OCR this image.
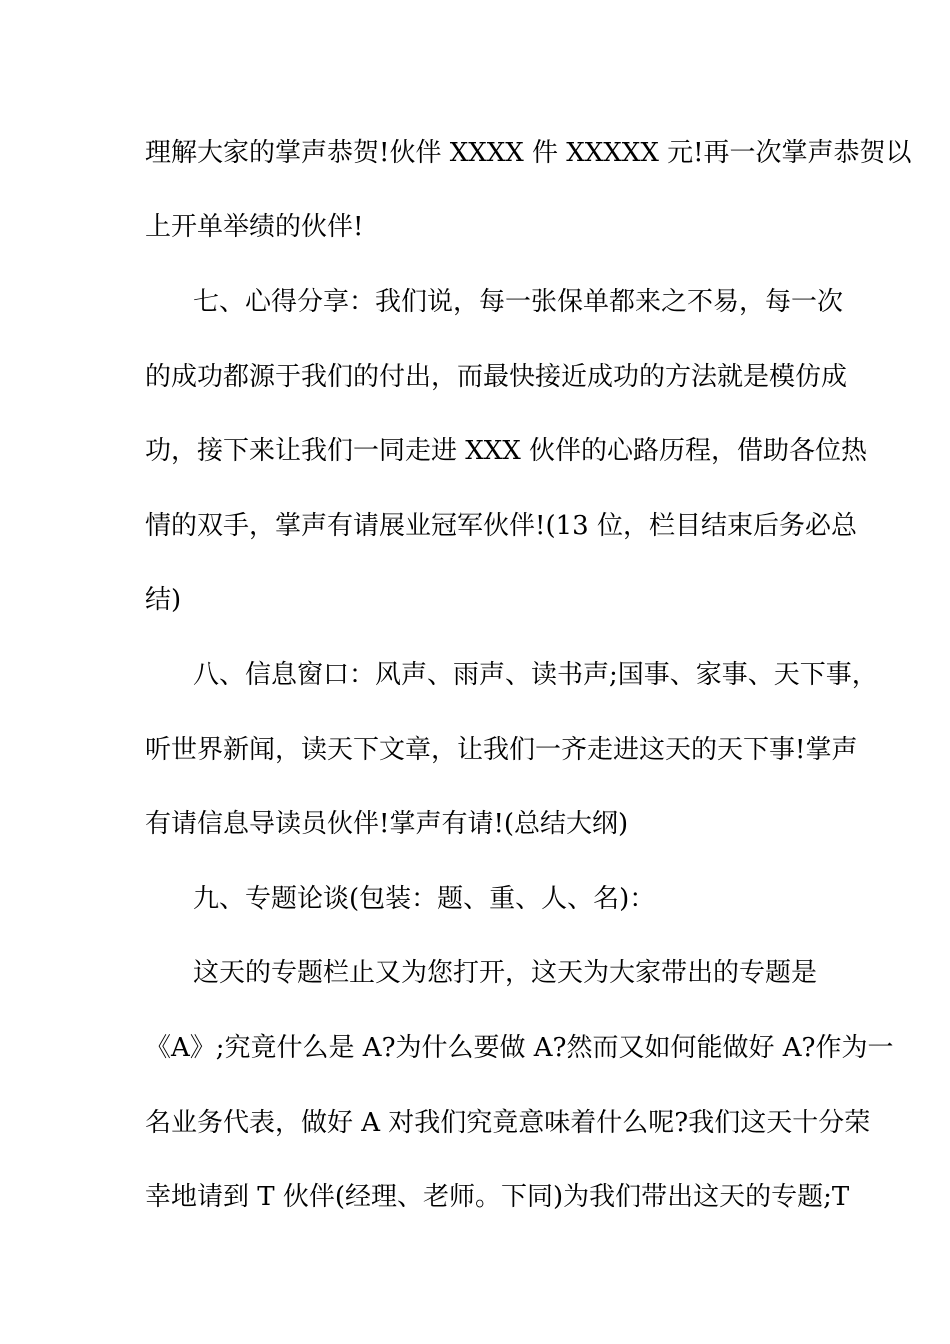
理解大家的掌声恭贺!伙伴 XXXX 件 XXXXX 元!再一次掌声恭贺以
上开单举绩的伙伴!
七、心得分享：我们说，每一张保单都来之不易，每一次
的成功都源于我们的付出，而最快接近成功的方法就是模仿成
功，接下来让我们一同走进 XXX 伙伴的心路历程，借助各位热
情的双手，掌声有请展业冠军伙伴!(13 位，栏目结束后务必总
结)
八、信息窗口：风声、雨声、读书声;国事、家事、天下事，
听世界新闻，读天下文章，让我们一齐走进这天的天下事!掌声
有请信息导读员伙伴!掌声有请!(总结大纲)
九、专题论谈(包装：题、重、人、名)：
这天的专题栏止又为您打开，这天为大家带出的专题是
《A》;究竟什么是 A?为什么要做 A?然而又如何能做好 A?作为一
名业务代表，做好 A 对我们究竟意味着什么呢?我们这天十分荣
幸地请到 T 伙伴(经理、老师。下同)为我们带出这天的专题;T
